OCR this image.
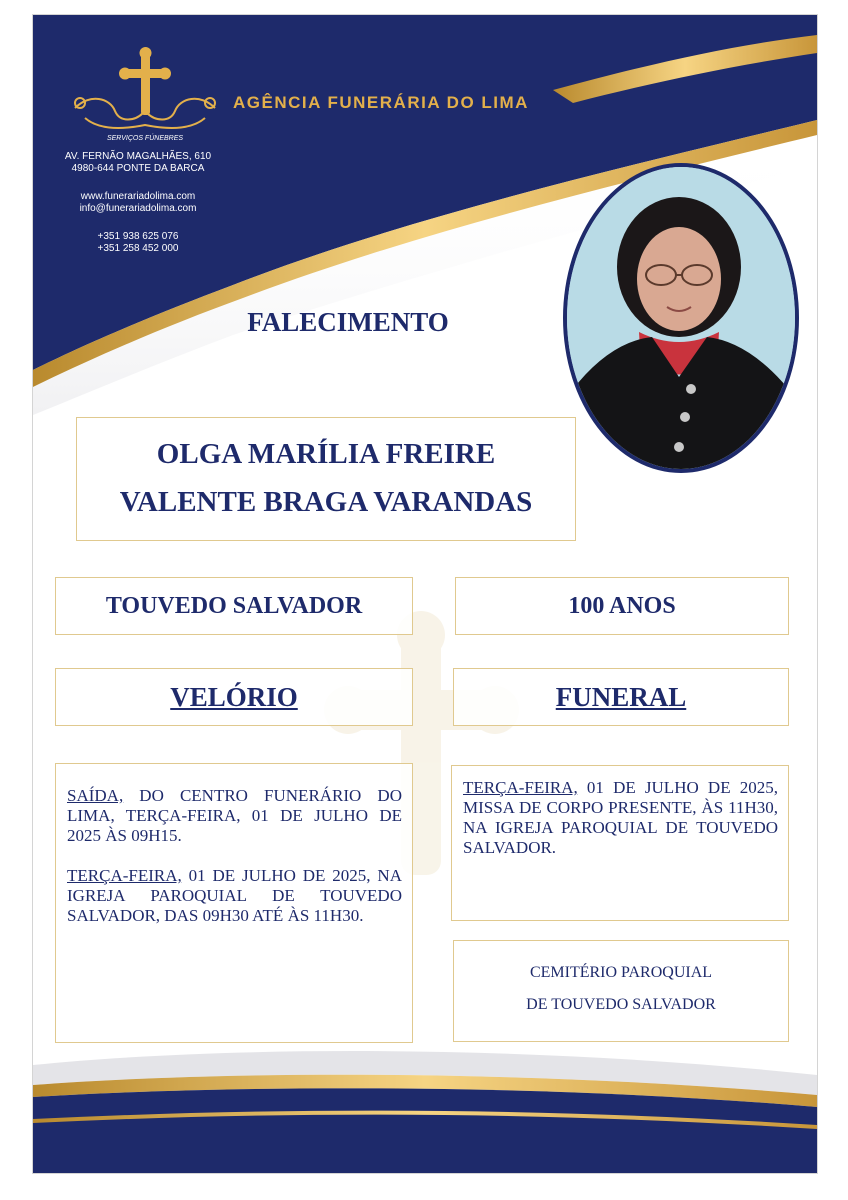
SERVIÇOS FÚNEBRES
AGÊNCIA FUNERÁRIA DO LIMA
AV. FERNÃO MAGALHÃES, 610
4980-644 PONTE DA BARCA
www.funerariadolima.com
info@funerariadolima.com
+351 938 625 076
+351 258 452 000
FALECIMENTO
OLGA MARÍLIA FREIRE
VALENTE BRAGA VARANDAS
TOUVEDO SALVADOR	100 ANOS
VELÓRIO	FUNERAL

SAÍDA, DO CENTRO FUNERÁRIO DO LIMA, TERÇA-FEIRA, 01 DE JULHO DE 2025 ÀS 09H15.

TERÇA-FEIRA, 01 DE JULHO DE 2025, NA IGREJA PAROQUIAL DE TOUVEDO SALVADOR, DAS 09H30 ATÉ ÀS 11H30.

TERÇA-FEIRA, 01 DE JULHO DE 2025, MISSA DE CORPO PRESENTE, ÀS 11H30, NA IGREJA PAROQUIAL DE TOUVEDO SALVADOR.

CEMITÉRIO PAROQUIAL
DE TOUVEDO SALVADOR
